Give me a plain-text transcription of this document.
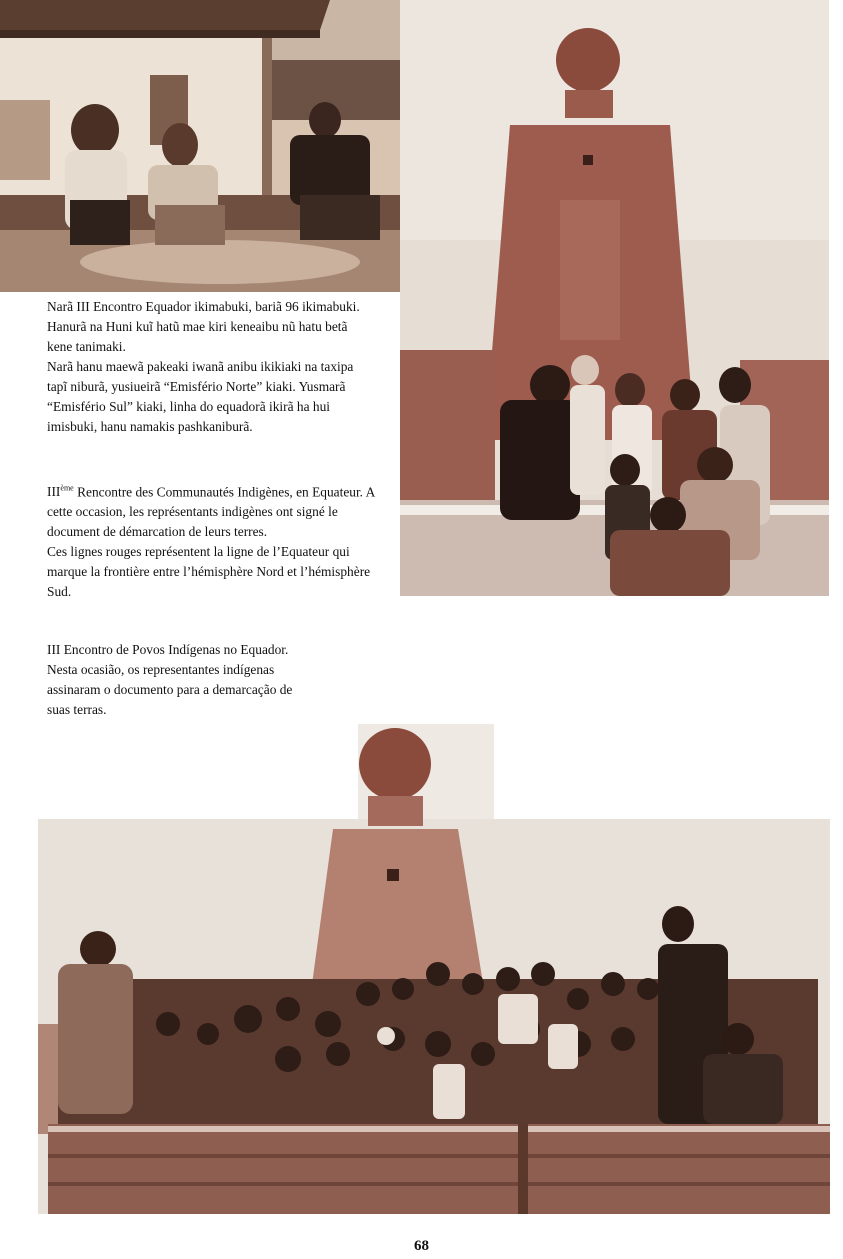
Narã III Encontro Equador ikimabuki, bariã 96 ikimabuki. Hanurã na Huni kuĩ hatũ mae kiri keneaibu nũ hatu betã kene tanimaki.
Narã hanu maewã pakeaki iwanã anibu ikikiaki na taxipa tapĩ niburã, yusiueirã “Emisfério Norte” kiaki. Yusmarã “Emisfério Sul” kiaki, linha do equadorã ikirã ha hui imisbuki, hanu namakis pashkaniburã.

IIIème Rencontre des Communautés Indigènes, en Equateur. A cette occasion, les représentants indigènes ont signé le document de démarcation de leurs terres.
Ces lignes rouges représentent la ligne de l’Equateur qui marque la frontière entre l’hémisphère Nord et l’hémisphère Sud.

III Encontro de Povos Indígenas no Equador. Nesta ocasião, os representantes indígenas assinaram o documento para a demarcação de suas terras.

68
